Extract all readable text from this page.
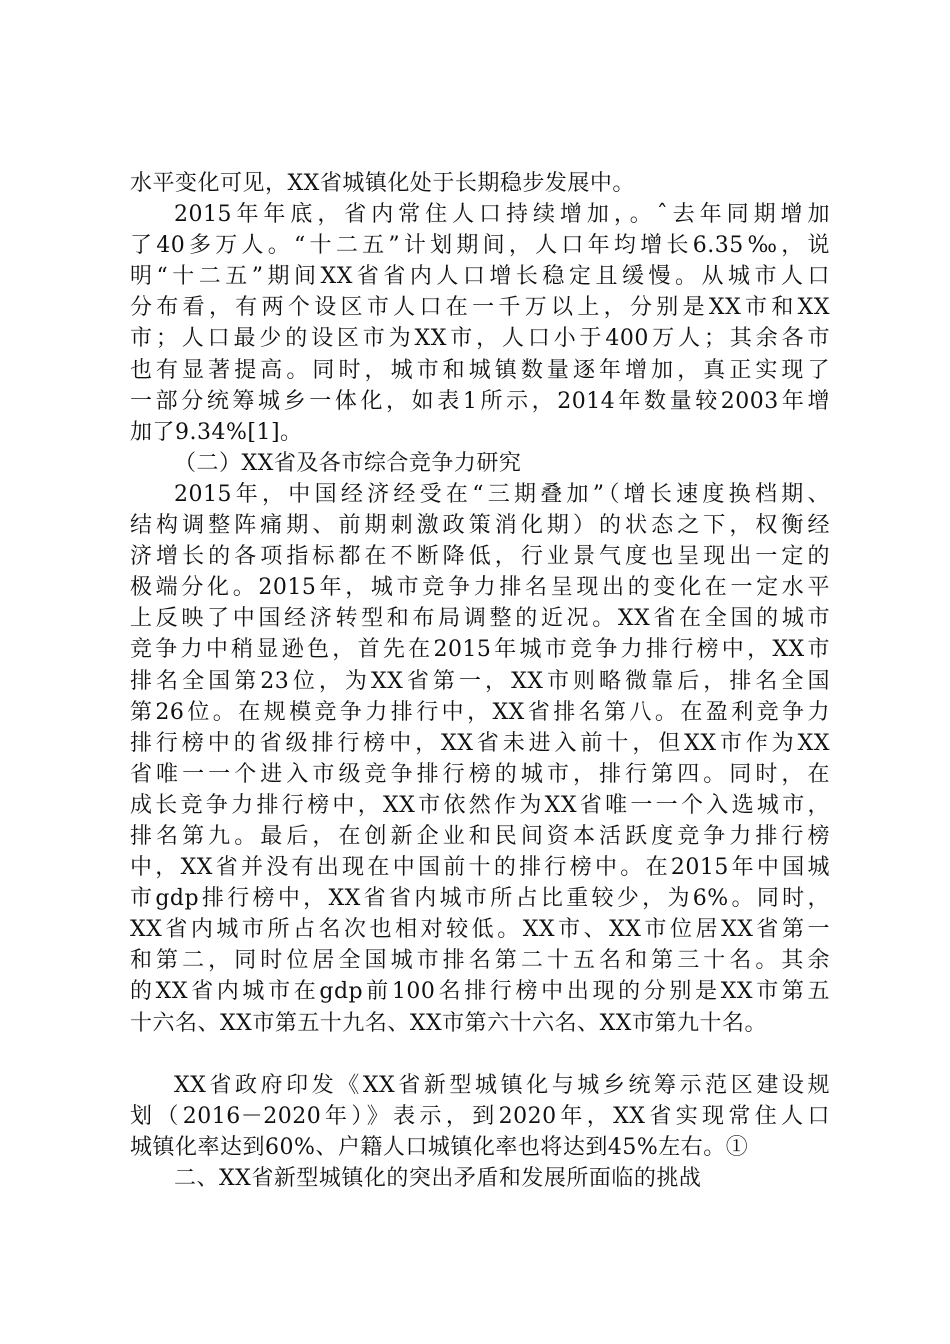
水平变化可见，XX省城镇化处于长期稳步发展中。
2015年年底，省内常住人口持续增加，。ˆ去年同期增加
了40多万人。“十二五”计划期间，人口年均增长6.35‰，说
明“十二五”期间XX省省内人口增长稳定且缓慢。从城市人口
分布看，有两个设区市人口在一千万以上，分别是XX市和XX
市；人口最少的设区市为XX市，人口小于400万人；其余各市
也有显著提高。同时，城市和城镇数量逐年增加，真正实现了
一部分统筹城乡一体化，如表1所示，2014年数量较2003年增
加了9.34%[1]。
（二）XX省及各市综合竞争力研究
2015年，中国经济经受在“三期叠加”（增长速度换档期、
结构调整阵痛期、前期刺激政策消化期）的状态之下，权衡经
济增长的各项指标都在不断降低，行业景气度也呈现出一定的
极端分化。2015年，城市竞争力排名呈现出的变化在一定水平
上反映了中国经济转型和布局调整的近况。XX省在全国的城市
竞争力中稍显逊色，首先在2015年城市竞争力排行榜中，XX市
排名全国第23位，为XX省第一，XX市则略微靠后，排名全国
第26位。在规模竞争力排行中，XX省排名第八。在盈利竞争力
排行榜中的省级排行榜中，XX省未进入前十，但XX市作为XX
省唯一一个进入市级竞争排行榜的城市，排行第四。同时，在
成长竞争力排行榜中，XX市依然作为XX省唯一一个入选城市，
排名第九。最后，在创新企业和民间资本活跃度竞争力排行榜
中，XX省并没有出现在中国前十的排行榜中。在2015年中国城
市gdp排行榜中，XX省省内城市所占比重较少，为6%。同时，
XX省内城市所占名次也相对较低。XX市、XX市位居XX省第一
和第二，同时位居全国城市排名第二十五名和第三十名。其余
的XX省内城市在gdp前100名排行榜中出现的分别是XX市第五
十六名、XX市第五十九名、XX市第六十六名、XX市第九十名。
XX省政府印发《XX省新型城镇化与城乡统筹示范区建设规
划（2016－2020年）》表示，到2020年，XX省实现常住人口
城镇化率达到60%、户籍人口城镇化率也将达到45%左右。①
二、XX省新型城镇化的突出矛盾和发展所面临的挑战
